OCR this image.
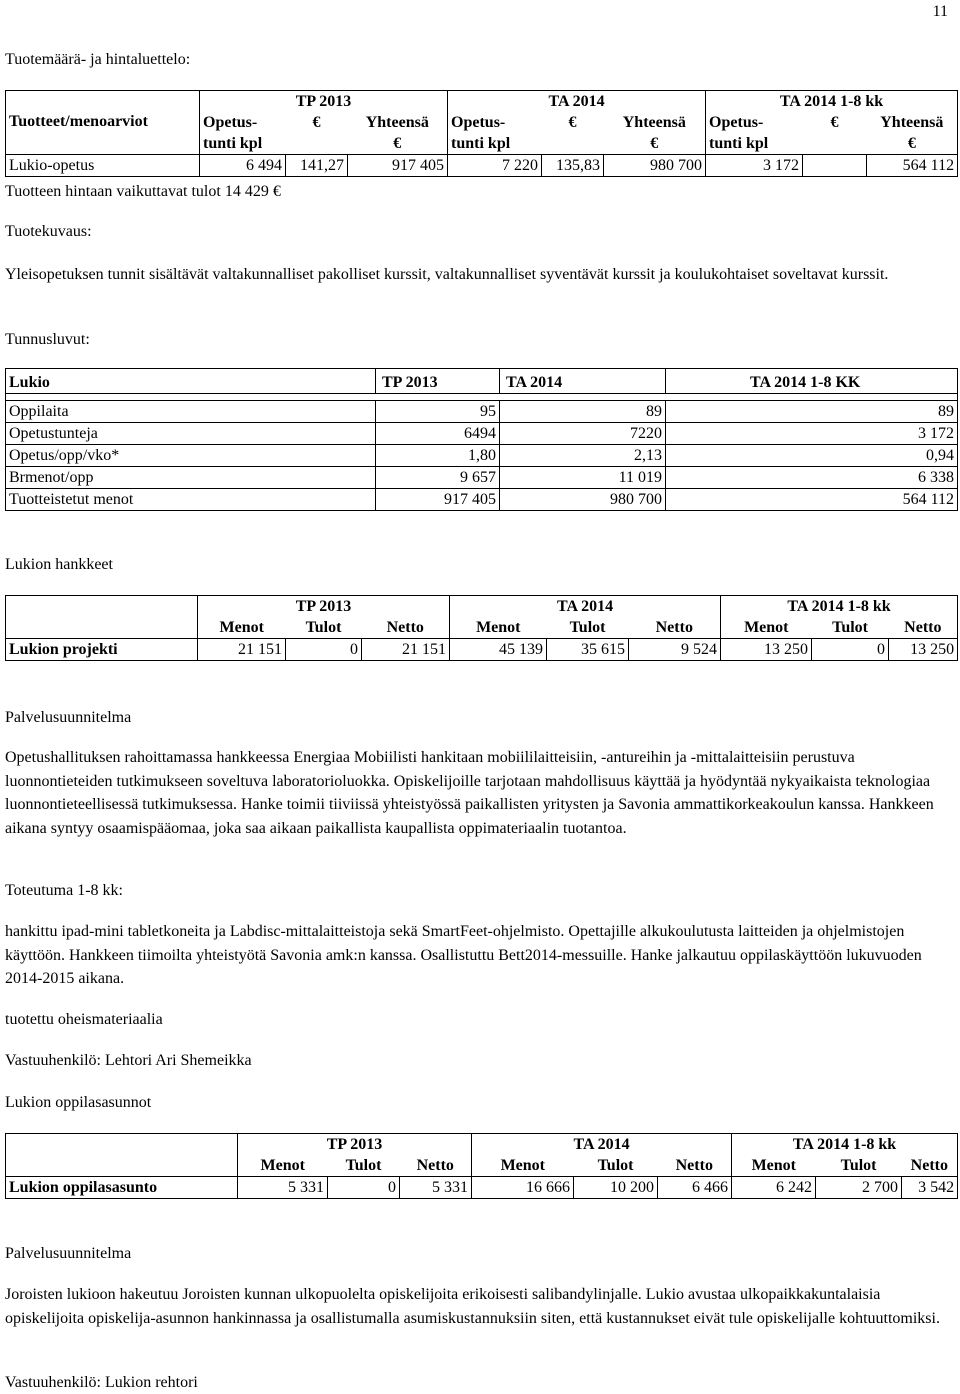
11
Tuotemäärä- ja hintaluettelo:
	TP 2013			TA 2014			TA 2014 1-8 kk		
Tuotteet/menoarviot	Opetus-	€	Yhteensä	Opetus-	€	Yhteensä	Opetus-	€	Yhteensä
	tunti kpl		€	tunti kpl		€	tunti kpl		€
Lukio-opetus	6 494	141,27	917 405	7 220	135,83	980 700	3 172		564 112
Tuotteen hintaan vaikuttavat tulot 14 429 €
Tuotekuvaus:
Yleisopetuksen tunnit sisältävät valtakunnalliset pakolliset kurssit, valtakunnalliset syventävät kurssit ja koulukohtaiset soveltavat kurssit.
Tunnusluvut:
Lukio	TP 2013	TA 2014	TA 2014 1-8 KK

Oppilaita	95	89	89
Opetustunteja	6494	7220	3 172
Opetus/opp/vko*	1,80	2,13	0,94
Brmenot/opp	9 657	11 019	6 338
Tuotteistetut menot	917 405	980 700	564 112
Lukion hankkeet
	TP 2013			TA 2014			TA 2014 1-8 kk		
	Menot	Tulot	Netto	Menot	Tulot	Netto	Menot	Tulot	Netto
Lukion projekti	21 151	0	21 151	45 139	35 615	9 524	13 250	0	13 250
Palvelusuunnitelma
Opetushallituksen rahoittamassa hankkeessa Energiaa Mobiilisti hankitaan mobiililaitteisiin, -antureihin ja -mittalaitteisiin perustuva luonnontieteiden tutkimukseen soveltuva laboratorioluokka. Opiskelijoille tarjotaan mahdollisuus käyttää ja hyödyntää nykyaikaista teknologiaa luonnontieteellisessä tutkimuksessa. Hanke toimii tiiviissä yhteistyössä paikallisten yritysten ja Savonia ammattikorkeakoulun kanssa. Hankkeen aikana syntyy osaamispääomaa, joka saa aikaan paikallista kaupallista oppimateriaalin tuotantoa.
Toteutuma 1-8 kk:
hankittu ipad-mini tabletkoneita ja Labdisc-mittalaitteistoja sekä SmartFeet-ohjelmisto. Opettajille alkukoulutusta laitteiden ja ohjelmistojen käyttöön. Hankkeen tiimoilta yhteistyötä Savonia amk:n kanssa. Osallistuttu Bett2014-messuille. Hanke jalkautuu oppilaskäyttöön lukuvuoden 2014-2015 aikana.
tuotettu oheismateriaalia
Vastuuhenkilö: Lehtori Ari Shemeikka
Lukion oppilasasunnot
	TP 2013			TA 2014			TA 2014 1-8 kk		
	Menot	Tulot	Netto	Menot	Tulot	Netto	Menot	Tulot	Netto
Lukion oppilasasunto	5 331	0	5 331	16 666	10 200	6 466	6 242	2 700	3 542
Palvelusuunnitelma
Joroisten lukioon hakeutuu Joroisten kunnan ulkopuolelta opiskelijoita erikoisesti salibandylinjalle. Lukio avustaa ulkopaikkakuntalaisia opiskelijoita opiskelija-asunnon hankinnassa ja osallistumalla asumiskustannuksiin siten, että kustannukset eivät tule opiskelijalle kohtuuttomiksi.
Vastuuhenkilö: Lukion rehtori
